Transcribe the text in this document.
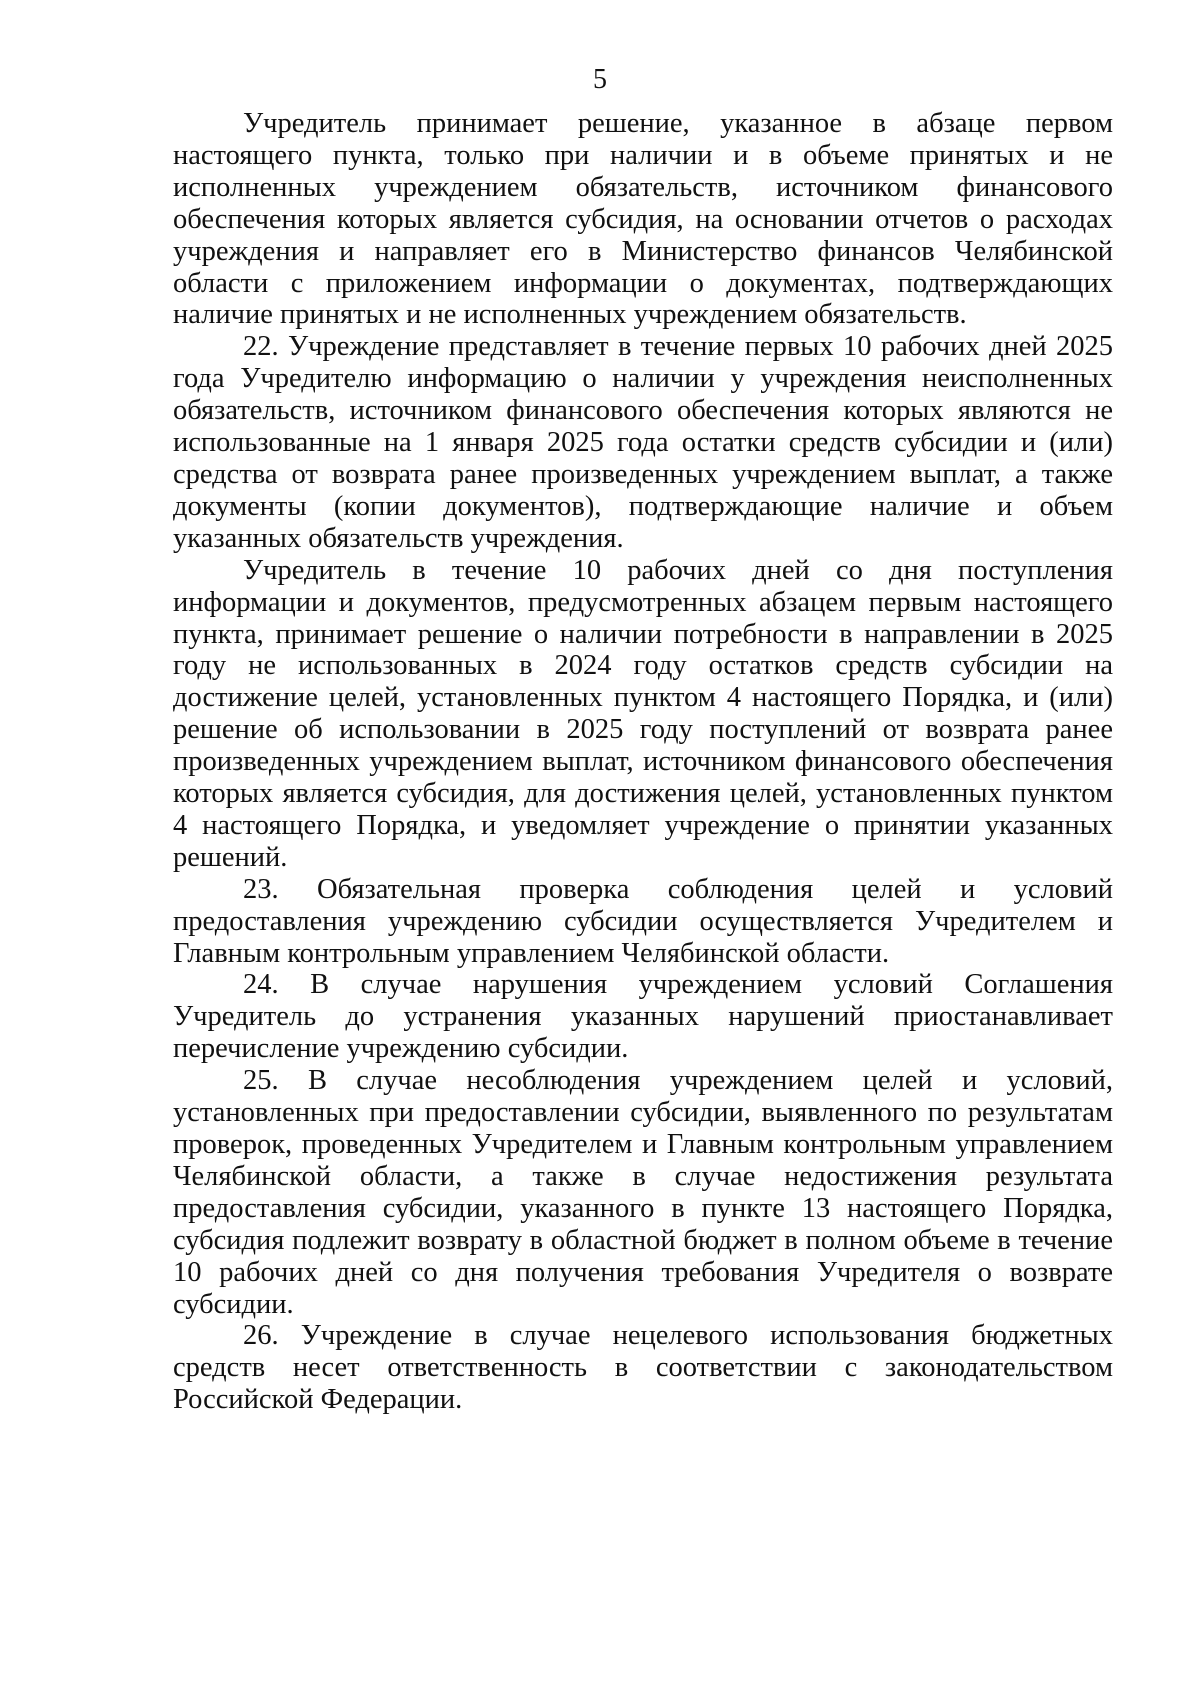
5

Учредитель принимает решение, указанное в абзаце первом настоящего пункта, только при наличии и в объеме принятых и не исполненных учреждением обязательств, источником финансового обеспечения которых является субсидия, на основании отчетов о расходах учреждения и направляет его в Министерство финансов Челябинской области с приложением информации о документах, подтверждающих наличие принятых и не исполненных учреждением обязательств.

22. Учреждение представляет в течение первых 10 рабочих дней 2025 года Учредителю информацию о наличии у учреждения неисполненных обязательств, источником финансового обеспечения которых являются не использованные на 1 января 2025 года остатки средств субсидии и (или) средства от возврата ранее произведенных учреждением выплат, а также документы (копии документов), подтверждающие наличие и объем указанных обязательств учреждения.

Учредитель в течение 10 рабочих дней со дня поступления информации и документов, предусмотренных абзацем первым настоящего пункта, принимает решение о наличии потребности в направлении в 2025 году не использованных в 2024 году остатков средств субсидии на достижение целей, установленных пунктом 4 настоящего Порядка, и (или) решение об использовании в 2025 году поступлений от возврата ранее произведенных учреждением выплат, источником финансового обеспечения которых является субсидия, для достижения целей, установленных пунктом 4 настоящего Порядка, и уведомляет учреждение о принятии указанных решений.

23. Обязательная проверка соблюдения целей и условий предоставления учреждению субсидии осуществляется Учредителем и Главным контрольным управлением Челябинской области.

24. В случае нарушения учреждением условий Соглашения Учредитель до устранения указанных нарушений приостанавливает перечисление учреждению субсидии.

25. В случае несоблюдения учреждением целей и условий, установленных при предоставлении субсидии, выявленного по результатам проверок, проведенных Учредителем и Главным контрольным управлением Челябинской области, а также в случае недостижения результата предоставления субсидии, указанного в пункте 13 настоящего Порядка, субсидия подлежит возврату в областной бюджет в полном объеме в течение 10 рабочих дней со дня получения требования Учредителя о возврате субсидии.

26. Учреждение в случае нецелевого использования бюджетных средств несет ответственность в соответствии с законодательством Российской Федерации.
